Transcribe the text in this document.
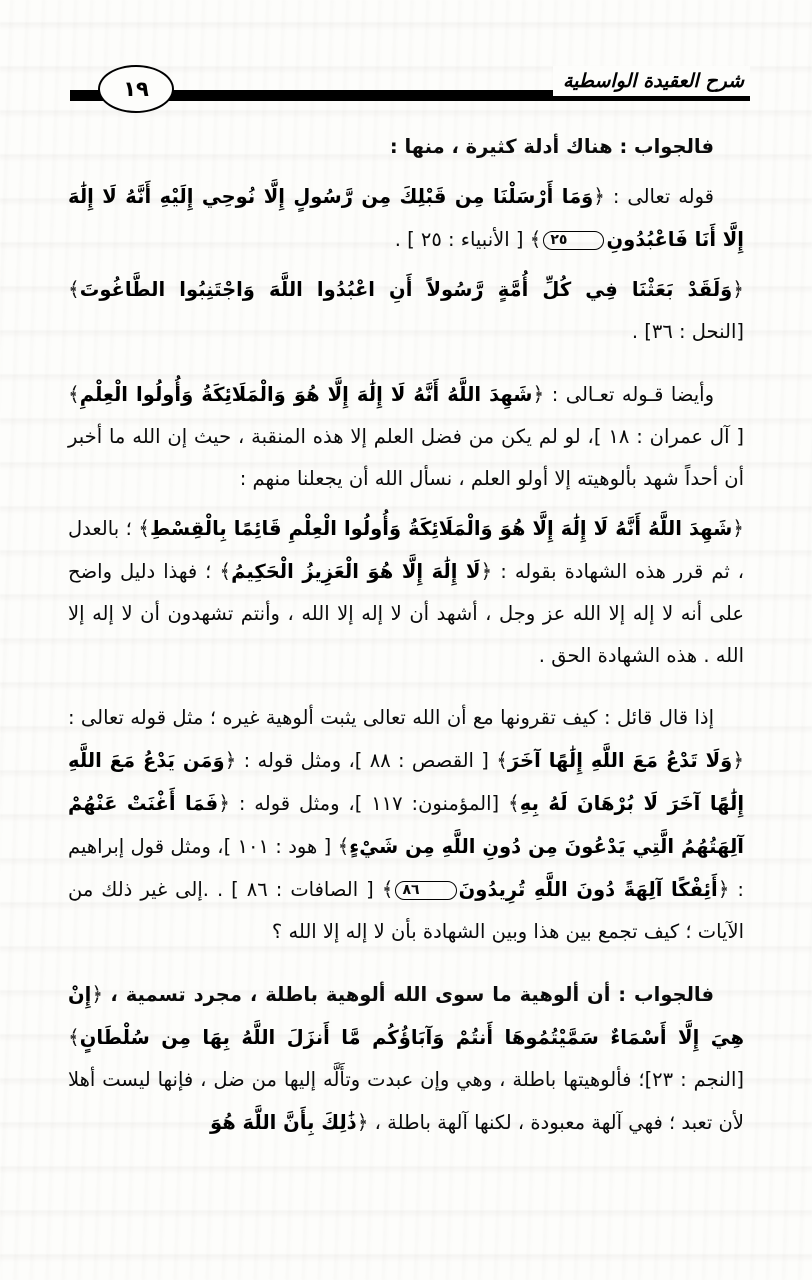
شرح العقيدة الواسطية
١٩

فالجواب : هناك أدلة كثيرة ، منها :

قوله تعالى : ﴿وَمَا أَرْسَلْنَا مِن قَبْلِكَ مِن رَّسُولٍ إِلَّا نُوحِي إِلَيْهِ أَنَّهُ لَا إِلَٰهَ إِلَّا أَنَا فَاعْبُدُونِ٢٥﴾ [ الأنبياء : ٢٥ ] .

﴿وَلَقَدْ بَعَثْنَا فِي كُلِّ أُمَّةٍ رَّسُولاً أَنِ اعْبُدُوا اللَّهَ وَاجْتَنِبُوا الطَّاغُوتَ﴾ [النحل : ٣٦] .

وأيضا قـوله تعـالى : ﴿شَهِدَ اللَّهُ أَنَّهُ لَا إِلَٰهَ إِلَّا هُوَ وَالْمَلَائِكَةُ وَأُولُوا الْعِلْمِ﴾ [ آل عمران : ١٨ ]، لو لم يكن من فضل العلم إلا هذه المنقبة ، حيث إن الله ما أخبر أن أحداً شهد بألوهيته إلا أولو العلم ، نسأل الله أن يجعلنا منهم :

﴿شَهِدَ اللَّهُ أَنَّهُ لَا إِلَٰهَ إِلَّا هُوَ وَالْمَلَائِكَةُ وَأُولُوا الْعِلْمِ قَائِمًا بِالْقِسْطِ﴾ ؛ بالعدل ، ثم قرر هذه الشهادة بقوله : ﴿لَا إِلَٰهَ إِلَّا هُوَ الْعَزِيزُ الْحَكِيمُ﴾ ؛ فهذا دليل واضح على أنه لا إله إلا الله عز وجل ، أشهد أن لا إله إلا الله ، وأنتم تشهدون أن لا إله إلا الله . هذه الشهادة الحق .

إذا قال قائل : كيف تقرونها مع أن الله تعالى يثبت ألوهية غيره ؛ مثل قوله تعالى : ﴿وَلَا تَدْعُ مَعَ اللَّهِ إِلَٰهًا آخَرَ﴾ [ القصص : ٨٨ ]، ومثل قوله : ﴿وَمَن يَدْعُ مَعَ اللَّهِ إِلَٰهًا آخَرَ لَا بُرْهَانَ لَهُ بِهِ﴾ [المؤمنون: ١١٧ ]، ومثل قوله : ﴿فَمَا أَغْنَتْ عَنْهُمْ آلِهَتُهُمُ الَّتِي يَدْعُونَ مِن دُونِ اللَّهِ مِن شَيْءٍ﴾ [ هود : ١٠١ ]، ومثل قول إبراهيم : ﴿أَئِفْكًا آلِهَةً دُونَ اللَّهِ تُرِيدُونَ٨٦﴾ [ الصافات : ٨٦ ] . .إلى غير ذلك من الآيات ؛ كيف تجمع بين هذا وبين الشهادة بأن لا إله إلا الله ؟

فالجواب : أن ألوهية ما سوى الله ألوهية باطلة ، مجرد تسمية ، ﴿إِنْ هِيَ إِلَّا أَسْمَاءٌ سَمَّيْتُمُوهَا أَنتُمْ وَآبَاؤُكُم مَّا أَنزَلَ اللَّهُ بِهَا مِن سُلْطَانٍ﴾ [النجم : ٢٣]؛ فألوهيتها باطلة ، وهي وإن عبدت وتأَلَّه إليها من ضل ، فإنها ليست أهلا لأن تعبد ؛ فهي آلهة معبودة ، لكنها آلهة باطلة ، ﴿ذَٰلِكَ بِأَنَّ اللَّهَ هُوَ
